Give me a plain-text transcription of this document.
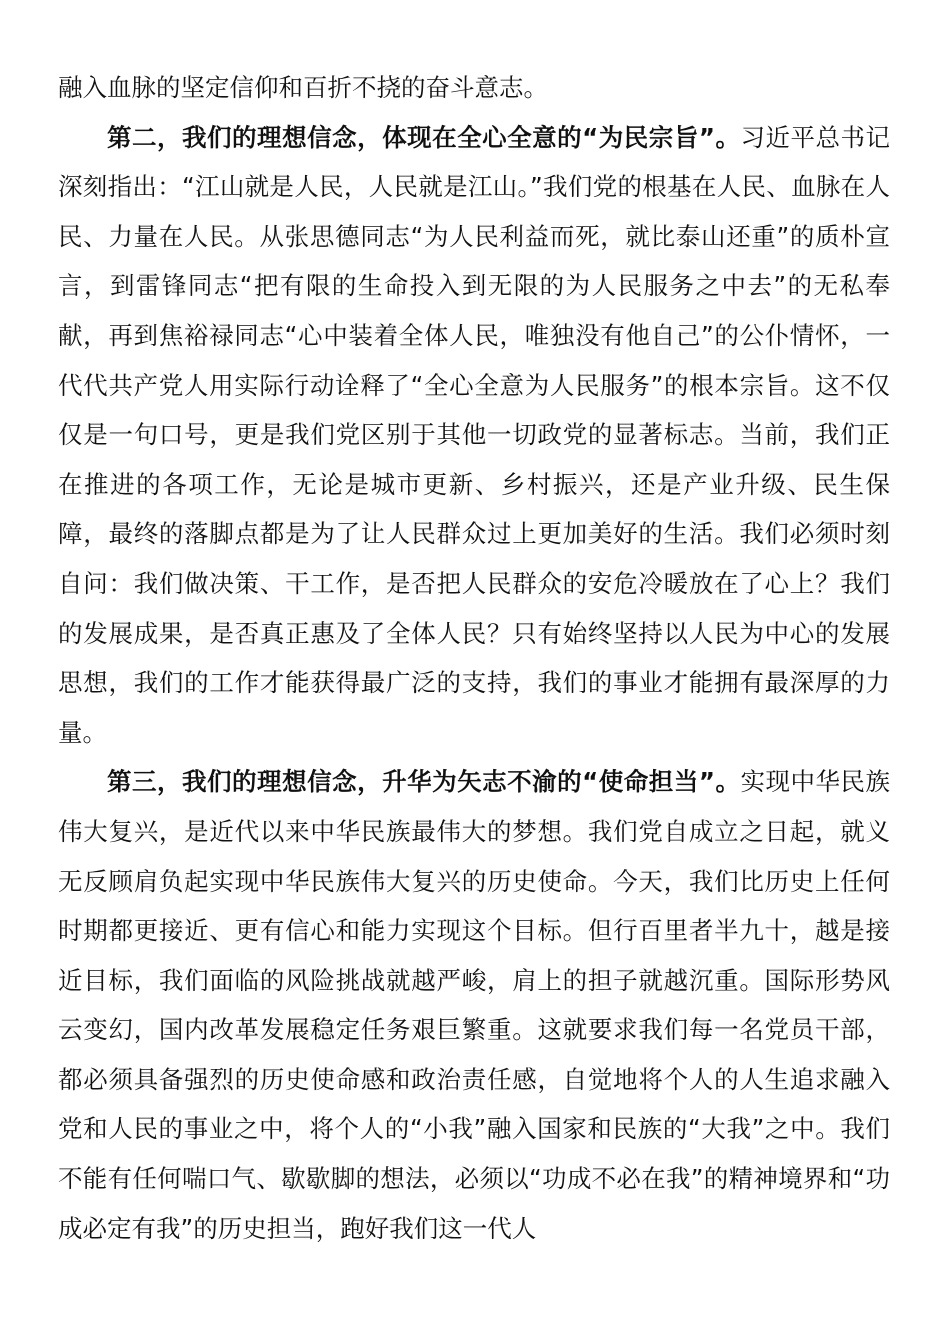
融入血脉的坚定信仰和百折不挠的奋斗意志。

第二，我们的理想信念，体现在全心全意的“为民宗旨”。习近平总书记深刻指出：“江山就是人民，人民就是江山。”我们党的根基在人民、血脉在人民、力量在人民。从张思德同志“为人民利益而死，就比泰山还重”的质朴宣言，到雷锋同志“把有限的生命投入到无限的为人民服务之中去”的无私奉献，再到焦裕禄同志“心中装着全体人民，唯独没有他自己”的公仆情怀，一代代共产党人用实际行动诠释了“全心全意为人民服务”的根本宗旨。这不仅仅是一句口号，更是我们党区别于其他一切政党的显著标志。当前，我们正在推进的各项工作，无论是城市更新、乡村振兴，还是产业升级、民生保障，最终的落脚点都是为了让人民群众过上更加美好的生活。我们必须时刻自问：我们做决策、干工作，是否把人民群众的安危冷暖放在了心上？我们的发展成果，是否真正惠及了全体人民？只有始终坚持以人民为中心的发展思想，我们的工作才能获得最广泛的支持，我们的事业才能拥有最深厚的力量。

第三，我们的理想信念，升华为矢志不渝的“使命担当”。实现中华民族伟大复兴，是近代以来中华民族最伟大的梦想。我们党自成立之日起，就义无反顾肩负起实现中华民族伟大复兴的历史使命。今天，我们比历史上任何时期都更接近、更有信心和能力实现这个目标。但行百里者半九十，越是接近目标，我们面临的风险挑战就越严峻，肩上的担子就越沉重。国际形势风云变幻，国内改革发展稳定任务艰巨繁重。这就要求我们每一名党员干部，都必须具备强烈的历史使命感和政治责任感，自觉地将个人的人生追求融入党和人民的事业之中，将个人的“小我”融入国家和民族的“大我”之中。我们不能有任何喘口气、歇歇脚的想法，必须以“功成不必在我”的精神境界和“功成必定有我”的历史担当，跑好我们这一代人
